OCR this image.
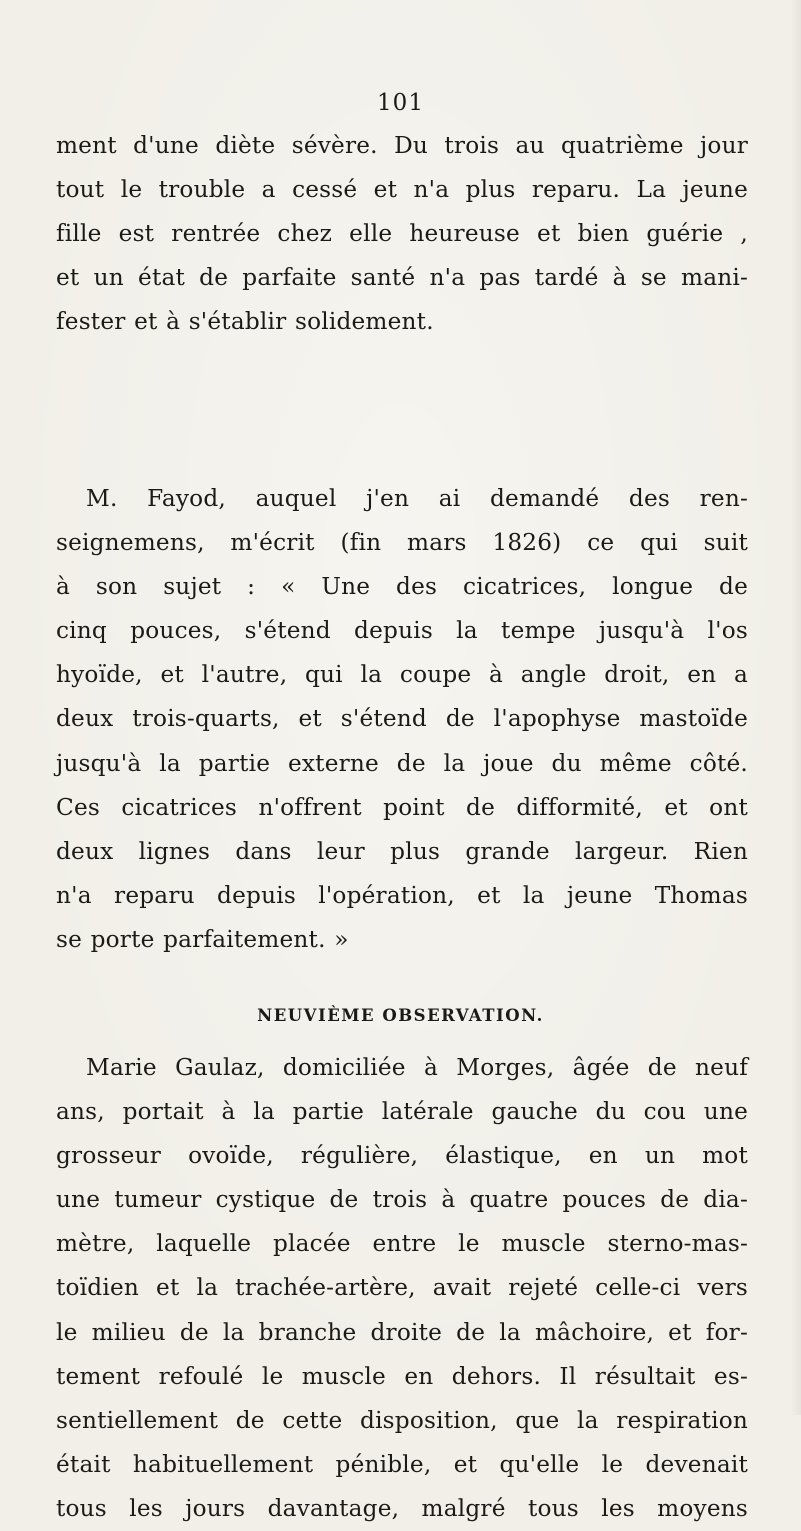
101
ment d'une diète sévère. Du trois au quatrième jour
tout le trouble a cessé et n'a plus reparu. La jeune
fille est rentrée chez elle heureuse et bien guérie ,
et un état de parfaite santé n'a pas tardé à se mani-
fester et à s'établir solidement.
M. Fayod, auquel j'en ai demandé des ren-
seignemens, m'écrit (fin mars 1826) ce qui suit
à son sujet : « Une des cicatrices, longue de
cinq pouces, s'étend depuis la tempe jusqu'à l'os
hyoïde, et l'autre, qui la coupe à angle droit, en a
deux trois-quarts, et s'étend de l'apophyse mastoïde
jusqu'à la partie externe de la joue du même côté.
Ces cicatrices n'offrent point de difformité, et ont
deux lignes dans leur plus grande largeur. Rien
n'a reparu depuis l'opération, et la jeune Thomas
se porte parfaitement. »
NEUVIÈME OBSERVATION.
Marie Gaulaz, domiciliée à Morges, âgée de neuf
ans, portait à la partie latérale gauche du cou une
grosseur ovoïde, régulière, élastique, en un mot
une tumeur cystique de trois à quatre pouces de dia-
mètre, laquelle placée entre le muscle sterno-mas-
toïdien et la trachée-artère, avait rejeté celle-ci vers
le milieu de la branche droite de la mâchoire, et for-
tement refoulé le muscle en dehors. Il résultait es-
sentiellement de cette disposition, que la respiration
était habituellement pénible, et qu'elle le devenait
tous les jours davantage, malgré tous les moyens
